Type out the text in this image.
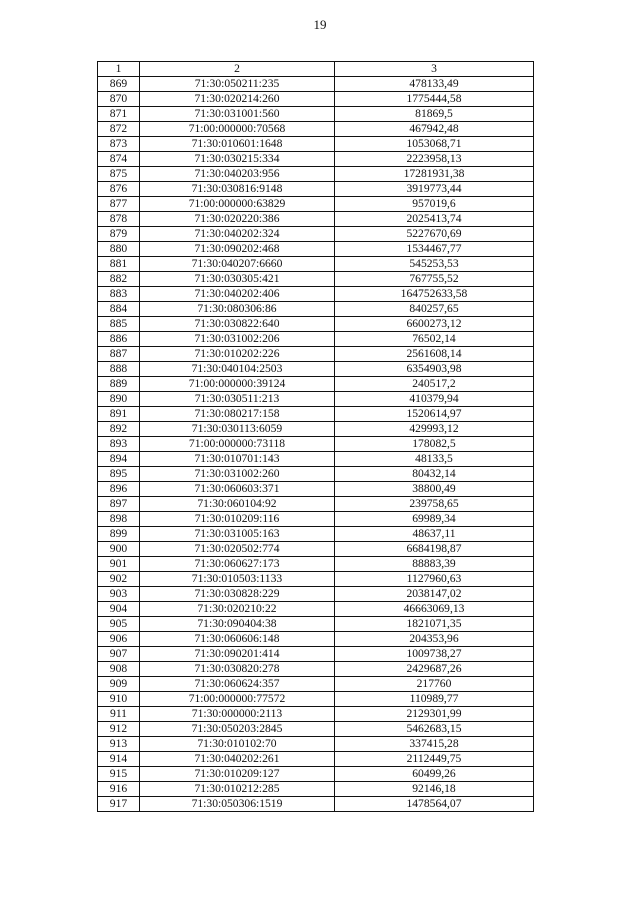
19
1	2	3
869	71:30:050211:235	478133,49
870	71:30:020214:260	1775444,58
871	71:30:031001:560	81869,5
872	71:00:000000:70568	467942,48
873	71:30:010601:1648	1053068,71
874	71:30:030215:334	2223958,13
875	71:30:040203:956	17281931,38
876	71:30:030816:9148	3919773,44
877	71:00:000000:63829	957019,6
878	71:30:020220:386	2025413,74
879	71:30:040202:324	5227670,69
880	71:30:090202:468	1534467,77
881	71:30:040207:6660	545253,53
882	71:30:030305:421	767755,52
883	71:30:040202:406	164752633,58
884	71:30:080306:86	840257,65
885	71:30:030822:640	6600273,12
886	71:30:031002:206	76502,14
887	71:30:010202:226	2561608,14
888	71:30:040104:2503	6354903,98
889	71:00:000000:39124	240517,2
890	71:30:030511:213	410379,94
891	71:30:080217:158	1520614,97
892	71:30:030113:6059	429993,12
893	71:00:000000:73118	178082,5
894	71:30:010701:143	48133,5
895	71:30:031002:260	80432,14
896	71:30:060603:371	38800,49
897	71:30:060104:92	239758,65
898	71:30:010209:116	69989,34
899	71:30:031005:163	48637,11
900	71:30:020502:774	6684198,87
901	71:30:060627:173	88883,39
902	71:30:010503:1133	1127960,63
903	71:30:030828:229	2038147,02
904	71:30:020210:22	46663069,13
905	71:30:090404:38	1821071,35
906	71:30:060606:148	204353,96
907	71:30:090201:414	1009738,27
908	71:30:030820:278	2429687,26
909	71:30:060624:357	217760
910	71:00:000000:77572	110989,77
911	71:30:000000:2113	2129301,99
912	71:30:050203:2845	5462683,15
913	71:30:010102:70	337415,28
914	71:30:040202:261	2112449,75
915	71:30:010209:127	60499,26
916	71:30:010212:285	92146,18
917	71:30:050306:1519	1478564,07
